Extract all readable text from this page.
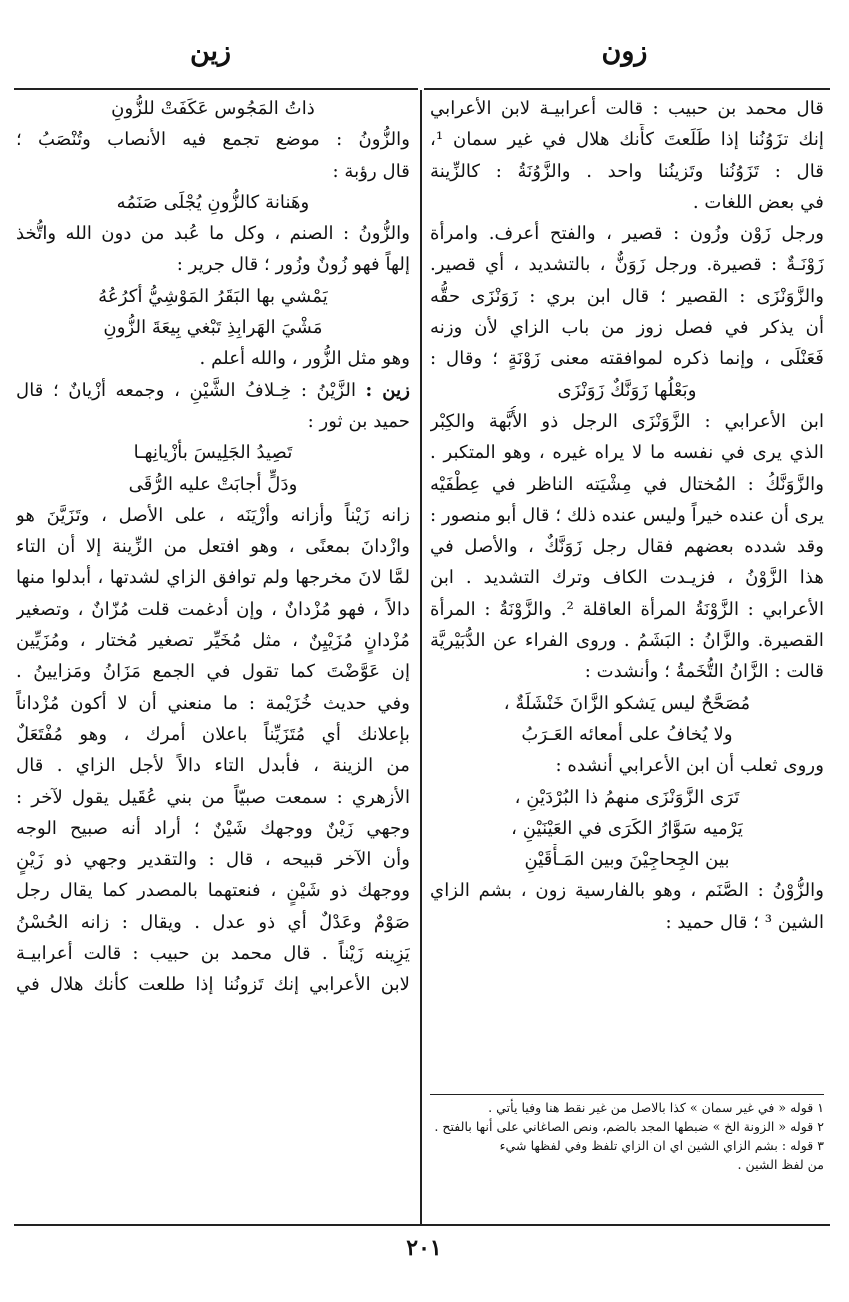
زون
زين
قال محمد بن حبيب : قالت أعرابيـة لابن الأعرابي
إنك تزَوُنُنا إذا طَلَعتَ كأَنك هلال في غير سمان ¹،
قال : تَزَوُنُنا وتَزينُنا واحد . والزَّوُنَةُ : كالزِّينة
في بعض اللغات .
ورجل زَوْن وزُون : قصير ، والفتح أعرف. وامرأة
زَوْنَـةٌ : قصيرة. ورجل زَوَنٌّ ، بالتشديد ، أي قصير.
والزَّوَنْزَى : القصير ؛ قال ابن بري : زَوَنْزَى حقُّه
أن يذكر في فصل زوز من باب الزاي لأن وزنه
فَعَنْلَى ، وإنما ذكره لموافقته معنى زَوْنَةٍ ؛ وقال :
وبَعْلُها زَوَنَّكٌ زَوَنْزَى
ابن الأعرابي : الزَّوَنْزَى الرجل ذو الأُبَّهة والكِبْر
الذي يرى في نفسه ما لا يراه غيره ، وهو المتكبر .
والزَّوَنَّكُ : المُختال في مِشْيَته الناظر في عِطْفَيْه
يرى أن عنده خيراً وليس عنده ذلك ؛ قال أبو منصور :
وقد شدده بعضهم فقال رجل زَوَنَّكٌ ، والأصل في
هذا الزَّوْنُ ، فزيـدت الكاف وترك التشديد . ابن
الأعرابي : الزَّوْنَةُ المرأة العاقلة ². والزَّوْنَةُ : المرأة
القصيرة. والزَّانُ : البَشَمُ . وروى الفراء عن الدُّبَيْريَّة
قالت : الزَّانُ التُّخَمةُ ؛ وأنشدت :
مُصَحَّحٌ ليس يَشكو الزَّانَ خَنْشَلَةٌ ،
ولا يُخافُ على أمعائه العَـرَبُ
وروى ثعلب أن ابن الأعرابي أنشده :
تَرَى الزَّوَنْزَى منهمُ ذا البُرْدَيْنِ ،
يَرْميه سَوَّارُ الكَرَى في العَيْنَيْنِ ،
بين الجِحاجِيْنَ وبين المَـأْقَيْنِ
والزُّوْنُ : الصَّنَم ، وهو بالفارسية زون ، بشم الزاي
الشين ³ ؛ قال حميد :
ذاتُ المَجُوس عَكَفَتْ للزُّونِ
والزُّونُ : موضع تجمع فيه الأنصاب وتُنْصَبُ ؛
قال رؤبة :
وهَنانة كالزُّونِ يُجْلَى صَنَمُه
والزُّونُ : الصنم ، وكل ما عُبد من دون الله واتُّخذ
إلهاً فهو زُونٌ وزُور ؛ قال جرير :
يَمْشي بها البَقَرُ المَوْشِيُّ أكرُعُهُ
مَشْيَ الهَرابِذِ تَبْغي بِيعَةَ الزُّونِ
وهو مثل الزُّور ، والله أعلم .
زين : الزَّيْنُ : خِـلافُ الشَّيْنِ ، وجمعه أزْيانٌ ؛ قال
حميد بن ثور :
تَصِيدُ الجَلِيسَ بأزْيانِهـا
ودَلٍّ أجابَتْ عليه الرُّقَى
زانه زَيْناً وأزانه وأزْيَنَه ، على الأصل ، وتَزَيَّنَ هو
وازْدانَ بمعنًى ، وهو افتعل من الزِّينة إلا أن التاء
لمَّا لانَ مخرجها ولم توافق الزاي لشدتها ، أبدلوا منها
دالاً ، فهو مُزْدانٌ ، وإن أدغمت قلت مُزّانٌ ، وتصغير
مُزْدانٍ مُزَيْيِنٌ ، مثل مُخَيِّر تصغير مُختار ، ومُزَيِّين
إن عَوَّضْتَ كما تقول في الجمع مَزَانُ ومَزايينُ .
وفي حديث خُزَيْمة : ما منعني أن لا أكون مُزْداناً
بإعلانك أي مُتَزَيِّناً باعلان أمرك ، وهو مُفْتَعَلٌ
من الزينة ، فأبدل التاء دالاً لأجل الزاي . قال
الأزهري : سمعت صبيّاً من بني عُقَيل يقول لآخر :
وجهي زَيْنٌ ووجهك شَيْنٌ ؛ أراد أنه صبيح الوجه
وأن الآخر قبيحه ، قال : والتقدير وجهي ذو زَيْنٍ
ووجهك ذو شَيْنٍ ، فنعتهما بالمصدر كما يقال رجل
صَوْمٌ وعَدْلٌ أي ذو عدل . ويقال : زانه الحُسْنُ
يَزِينه زَيْناً . قال محمد بن حبيب : قالت أعرابيـة
لابن الأعرابي إنك تَزونُنا إذا طلعت كأنك هلال في
١ قوله « في غير سمان » كذا بالاصل من غير نقط هنا وفيا يأتي .
٢ قوله « الزونة الخ » ضبطها المجد بالضم، ونص الصاغاني على أنها بالفتح .
٣ قوله : بشم الزاي الشين اي ان الزاي تلفظ وفي لفظها شيء
من لفظ الشين .
٢٠١
